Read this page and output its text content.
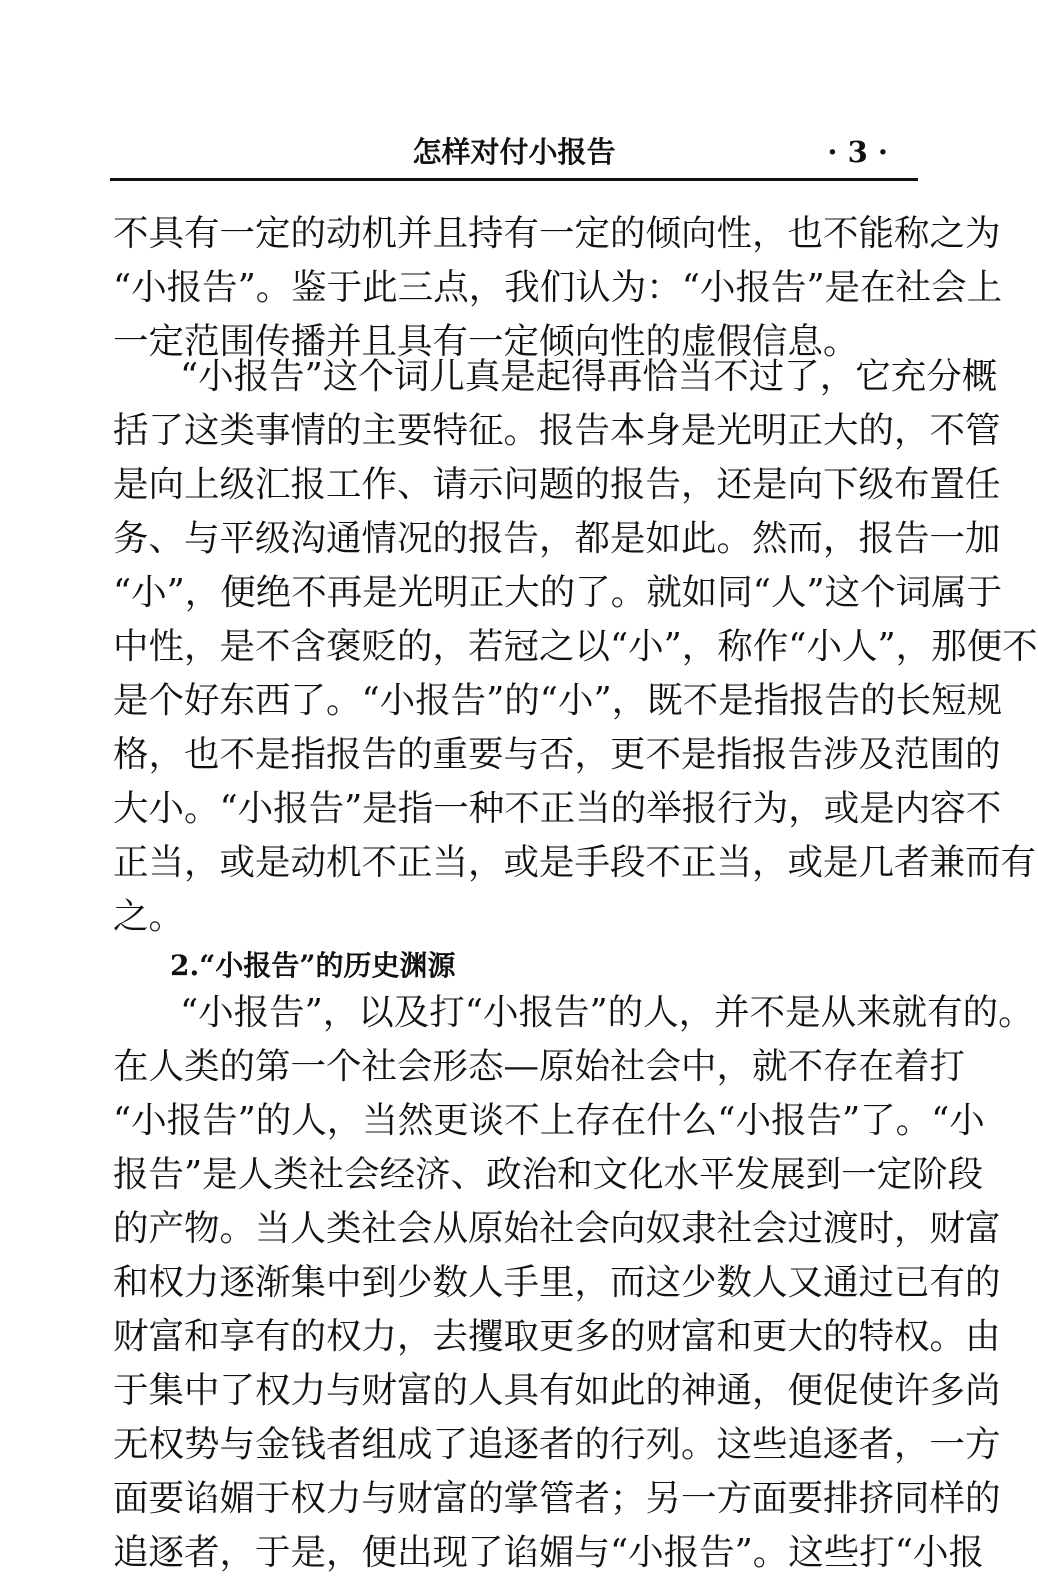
怎样对付小报告	· 3 ·
不具有一定的动机并且持有一定的倾向性，也不能称之为
“小报告”。鉴于此三点，我们认为：“小报告”是在社会上
一定范围传播并且具有一定倾向性的虚假信息。
“小报告”这个词儿真是起得再恰当不过了，它充分概
括了这类事情的主要特征。报告本身是光明正大的，不管
是向上级汇报工作、请示问题的报告，还是向下级布置任
务、与平级沟通情况的报告，都是如此。然而，报告一加
“小”，便绝不再是光明正大的了。就如同“人”这个词属于
中性，是不含褒贬的，若冠之以“小”，称作“小人”，那便不
是个好东西了。“小报告”的“小”，既不是指报告的长短规
格，也不是指报告的重要与否，更不是指报告涉及范围的
大小。“小报告”是指一种不正当的举报行为，或是内容不
正当，或是动机不正当，或是手段不正当，或是几者兼而有
之。
2.“小报告”的历史渊源
“小报告”，以及打“小报告”的人，并不是从来就有的。
在人类的第一个社会形态—原始社会中，就不存在着打
“小报告”的人，当然更谈不上存在什么“小报告”了。“小
报告”是人类社会经济、政治和文化水平发展到一定阶段
的产物。当人类社会从原始社会向奴隶社会过渡时，财富
和权力逐渐集中到少数人手里，而这少数人又通过已有的
财富和享有的权力，去攫取更多的财富和更大的特权。由
于集中了权力与财富的人具有如此的神通，便促使许多尚
无权势与金钱者组成了追逐者的行列。这些追逐者，一方
面要谄媚于权力与财富的掌管者；另一方面要排挤同样的
追逐者，于是，便出现了谄媚与“小报告”。这些打“小报
